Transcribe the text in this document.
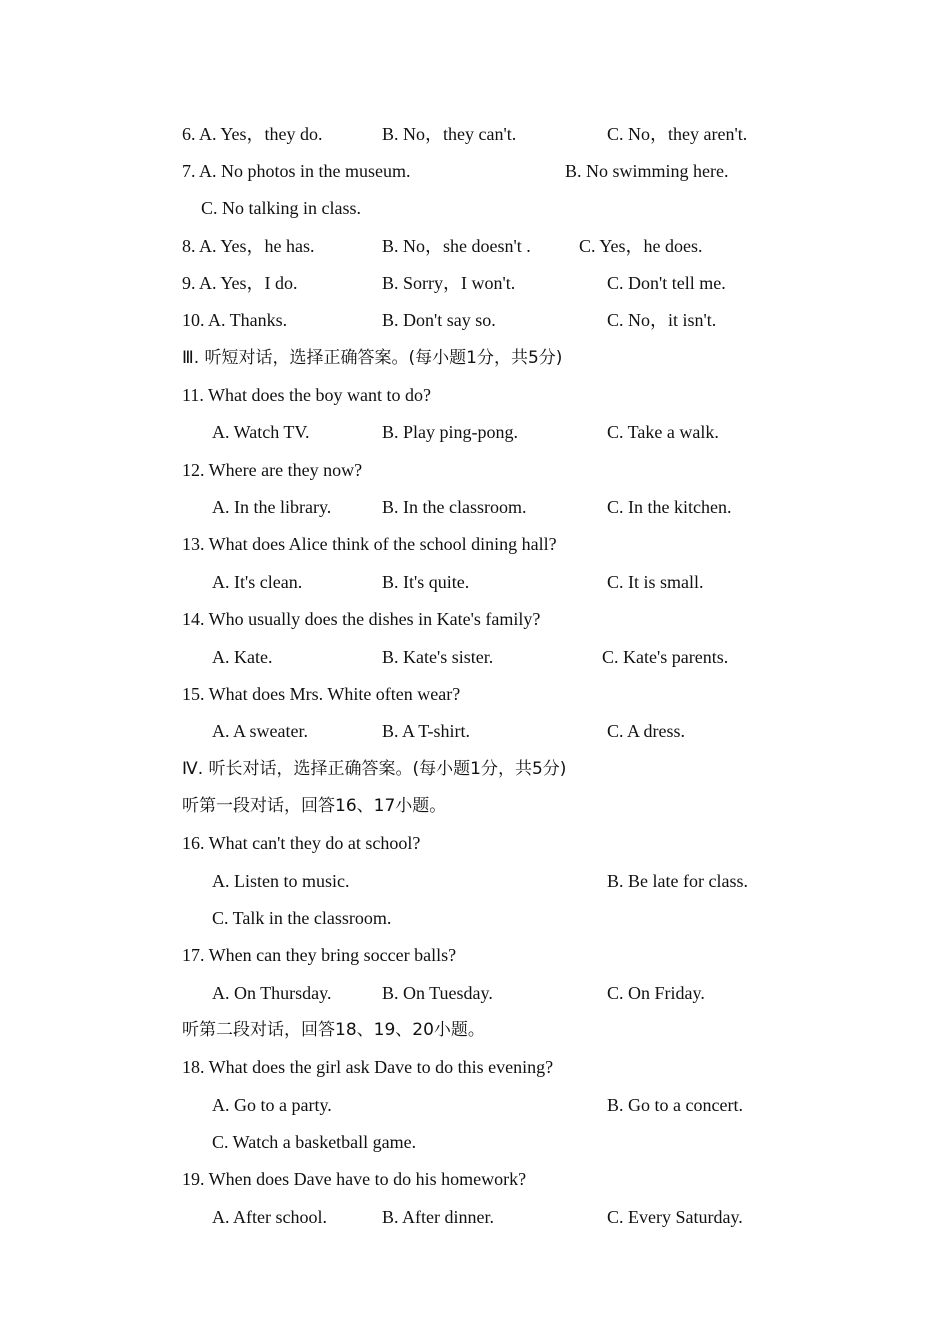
6. A. Yes，they do.	B. No，they can't.	C. No，they aren't.
7. A. No photos in the museum.	B. No swimming here.
C. No talking in class.
8. A. Yes，he has.	B. No，she doesn't .	C. Yes，he does.
9. A. Yes，I do.	B. Sorry，I won't.	C. Don't tell me.
10. A. Thanks.	B. Don't say so.	C. No，it isn't.
Ⅲ. 听短对话，选择正确答案。(每小题1分，共5分)
11. What does the boy want to do?
A. Watch TV.	B. Play ping-pong.	C. Take a walk.
12. Where are they now?
A. In the library.	B. In the classroom.	C. In the kitchen.
13. What does Alice think of the school dining hall?
A. It's clean.	B. It's quite.	C. It is small.
14. Who usually does the dishes in Kate's family?
A. Kate.	B. Kate's sister.	C. Kate's parents.
15. What does Mrs. White often wear?
A. A sweater.	B. A T-shirt.	C. A dress.
Ⅳ. 听长对话，选择正确答案。(每小题1分，共5分)
听第一段对话，回答16、17小题。
16. What can't they do at school?
A. Listen to music.	B. Be late for class.
C. Talk in the classroom.
17. When can they bring soccer balls?
A. On Thursday.	B. On Tuesday.	C. On Friday.
听第二段对话，回答18、19、20小题。
18. What does the girl ask Dave to do this evening?
A. Go to a party.	B. Go to a concert.
C. Watch a basketball game.
19. When does Dave have to do his homework?
A. After school.	B. After dinner.	C. Every Saturday.
